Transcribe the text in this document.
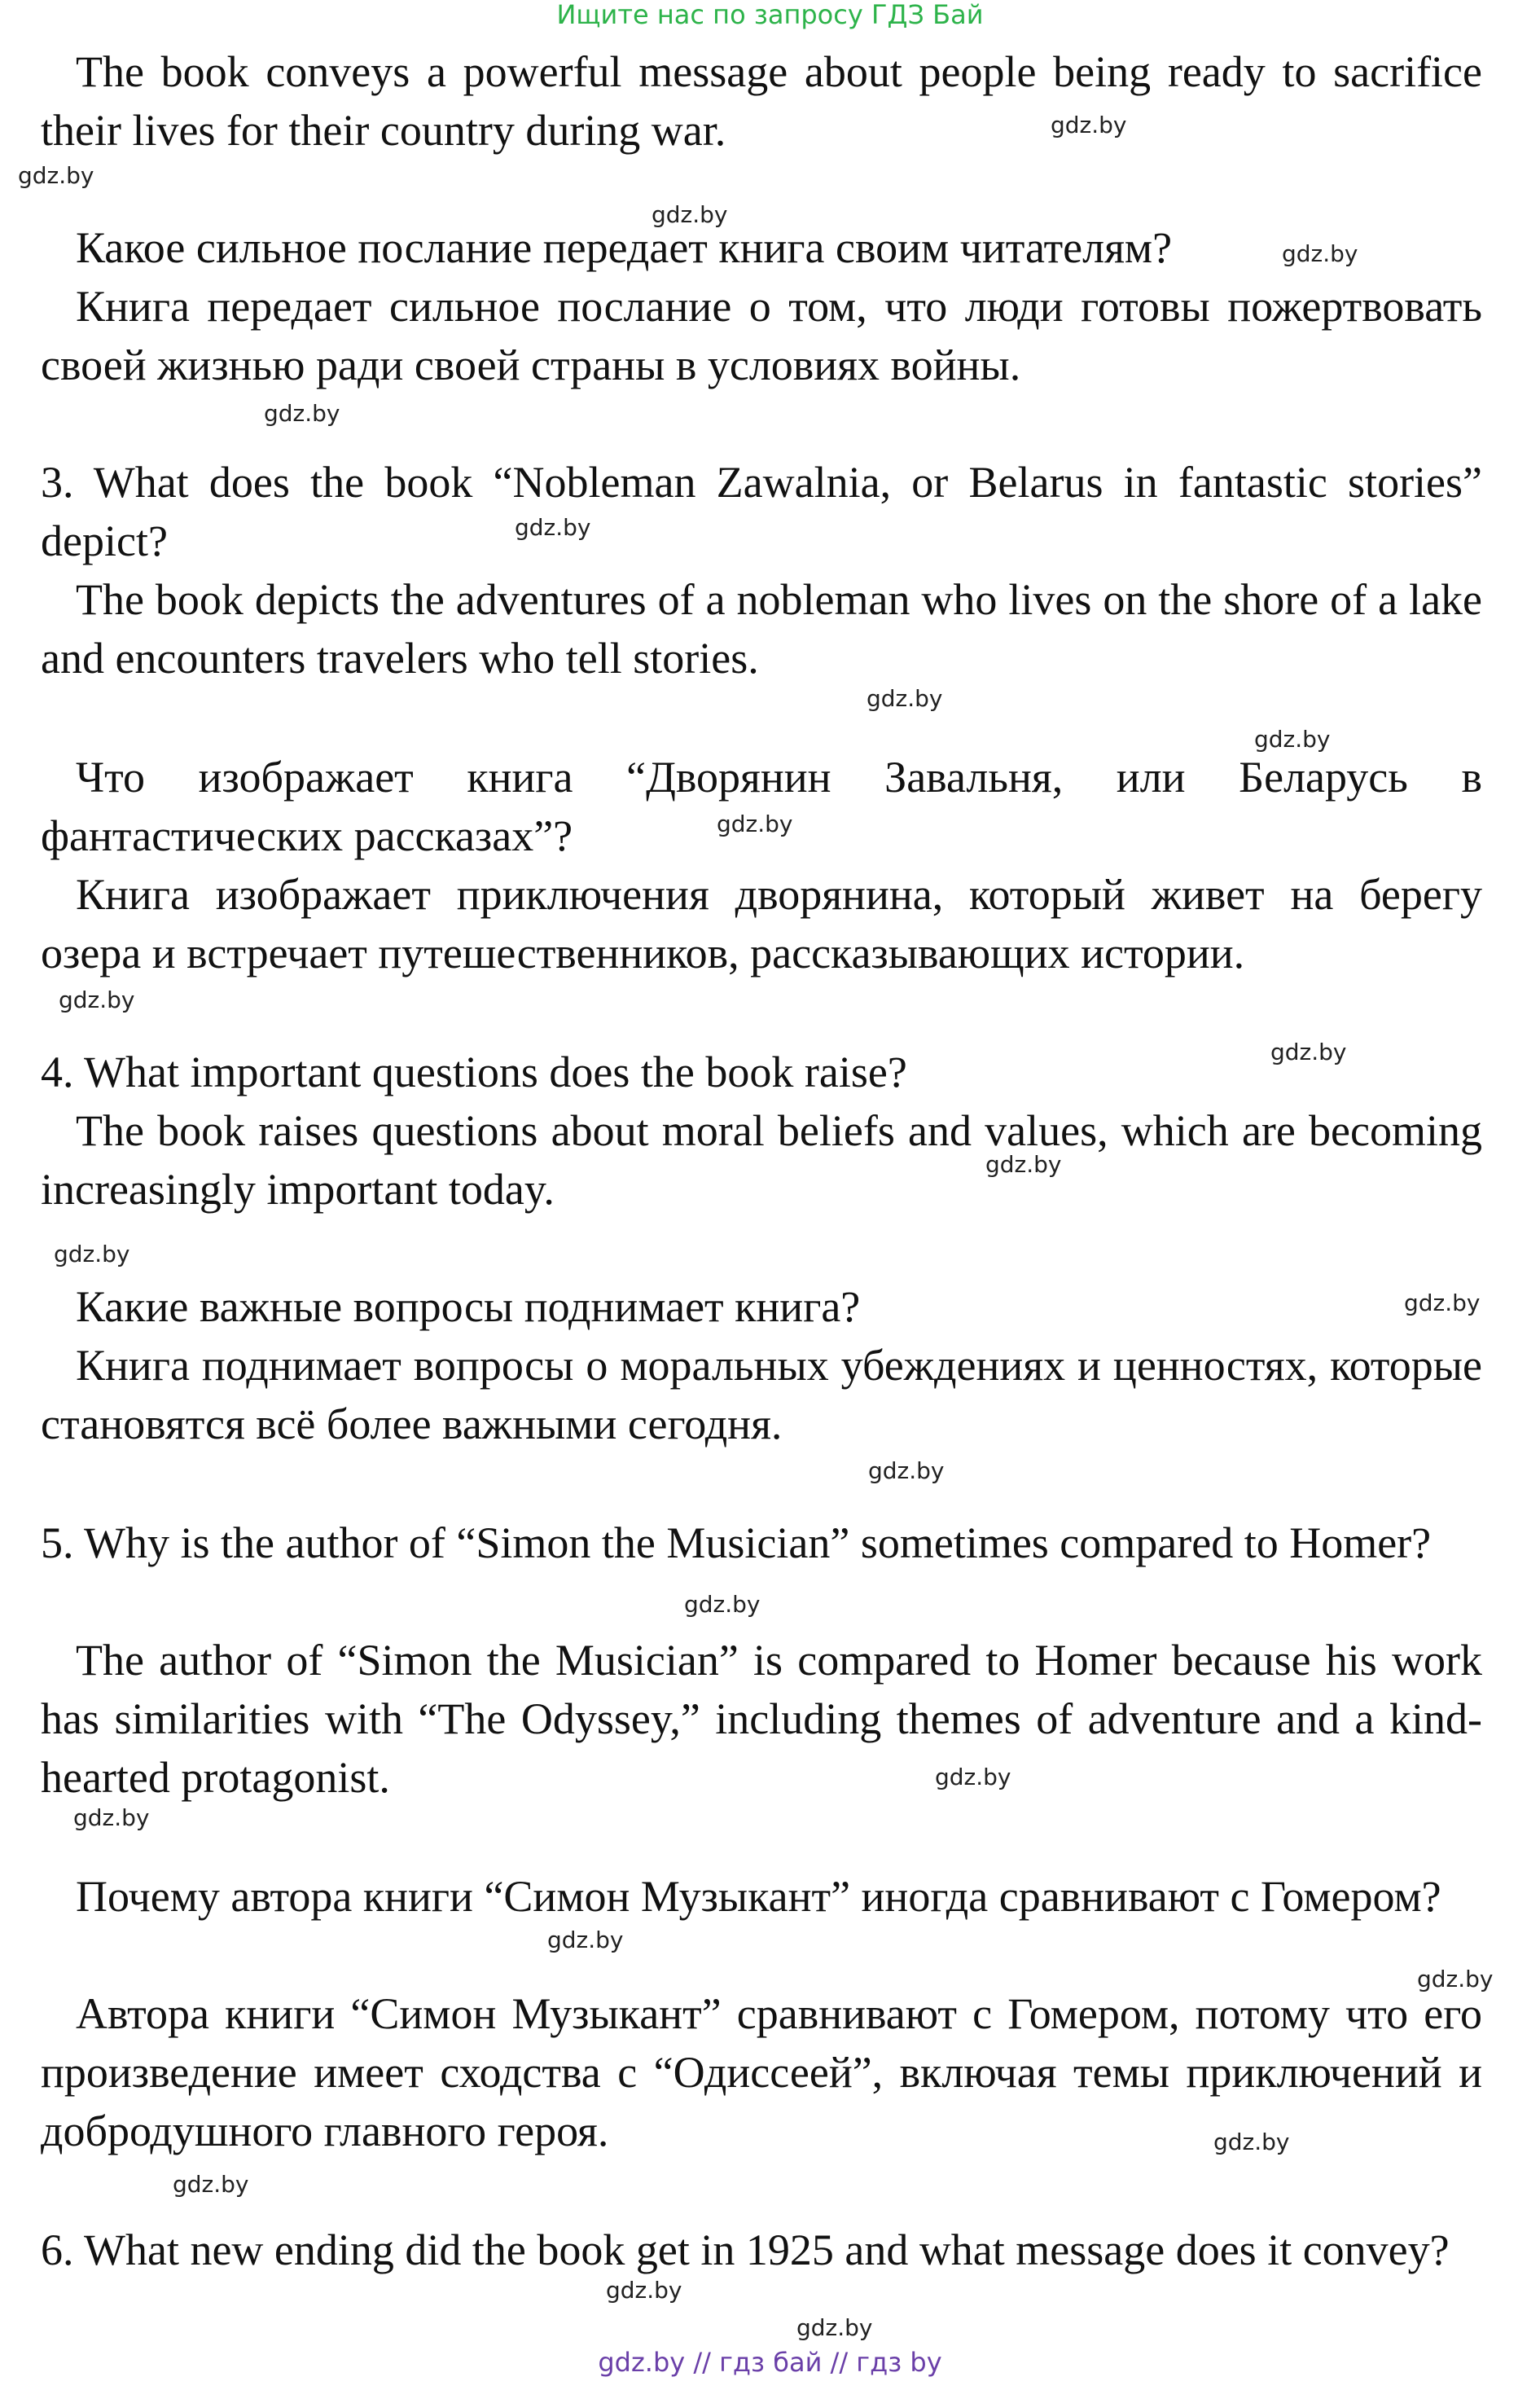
Ищите нас по запросу ГДЗ Бай

The book conveys a powerful message about people being ready to sacrifice their lives for their country during war.

Какое сильное послание передает книга своим читателям?

Книга передает сильное послание о том, что люди готовы пожертвовать своей жизнью ради своей страны в условиях войны.

3. What does the book “Nobleman Zawalnia, or Belarus in fantastic stories” depict?

The book depicts the adventures of a nobleman who lives on the shore of a lake and encounters travelers who tell stories.

Что изображает книга “Дворянин Завальня, или Беларусь в фантастических рассказах”?

Книга изображает приключения дворянина, который живет на берегу озера и встречает путешественников, рассказывающих истории.

4. What important questions does the book raise?

The book raises questions about moral beliefs and values, which are becoming increasingly important today.

Какие важные вопросы поднимает книга?

Книга поднимает вопросы о моральных убеждениях и ценностях, которые становятся всё более важными сегодня.

5. Why is the author of “Simon the Musician” sometimes compared to Homer?

The author of “Simon the Musician” is compared to Homer because his work has similarities with “The Odyssey,” including themes of adventure and a kind-hearted protagonist.

Почему автора книги “Симон Музыкант” иногда сравнивают с Гомером?

Автора книги “Симон Музыкант” сравнивают с Гомером, потому что его произведение имеет сходства с “Одиссеей”, включая темы приключений и добродушного главного героя.

6. What new ending did the book get in 1925 and what message does it convey?

gdz.by
gdz.by
gdz.by
gdz.by
gdz.by
gdz.by
gdz.by
gdz.by
gdz.by
gdz.by
gdz.by
gdz.by
gdz.by
gdz.by
gdz.by
gdz.by
gdz.by
gdz.by
gdz.by
gdz.by
gdz.by
gdz.by
gdz.by
gdz.by
gdz.by // гдз бай // гдз by
